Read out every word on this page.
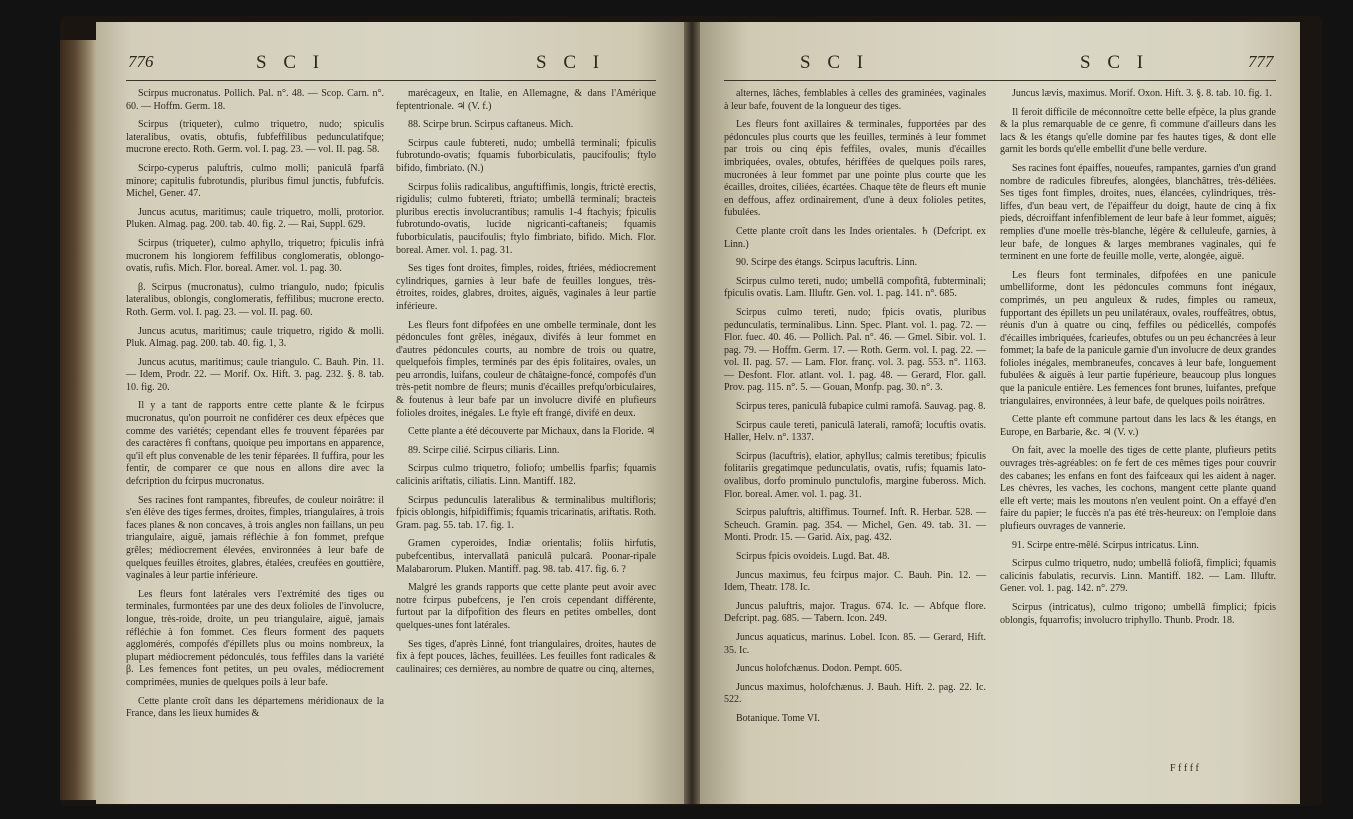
776	S C I	S C I

Scirpus mucronatus. Pollich. Pal. n°. 48. — Scop. Carn. n°. 60. — Hoffm. Germ. 18.

Scirpus (triqueter), culmo triquetro, nudo; spiculis lateralibus, ovatis, obtufis, fubfeffilibus pedunculatifque; mucrone erecto. Roth. Germ. vol. I. pag. 23. — vol. II. pag. 58.

Scirpo-cyperus paluftris, culmo molli; paniculâ fparfâ minore; capitulis fubrotundis, pluribus fimul junctis, fubfufcis. Michel, Gener. 47.

Juncus acutus, maritimus; caule triquetro, molli, protorior. Pluken. Almag. pag. 200. tab. 40. fig. 2. — Rai, Suppl. 629.

Scirpus (triqueter), culmo aphyllo, triquetro; fpiculis infrà mucronem his longiorem feffilibus conglomeratis, oblongo-ovatis, rufis. Mich. Flor. boreal. Amer. vol. 1. pag. 30.

β. Scirpus (mucronatus), culmo triangulo, nudo; fpiculis lateralibus, oblongis, conglomeratis, feffilibus; mucrone erecto. Roth. Germ. vol. I. pag. 23. — vol. II. pag. 60.

Juncus acutus, maritimus; caule triquetro, rigido & molli. Pluk. Almag. pag. 200. tab. 40. fig. 1, 3.

Juncus acutus, maritimus; caule triangulo. C. Bauh. Pin. 11. — Idem, Prodr. 22. — Morif. Ox. Hift. 3. pag. 232. §. 8. tab. 10. fig. 20.

Il y a tant de rapports entre cette plante & le fcirpus mucronatus, qu'on pourroit ne confidérer ces deux efpèces que comme des variétés; cependant elles fe trouvent féparées par des caractères fi conftans, quoique peu importans en apparence, qu'il eft plus convenable de les tenir féparées. Il fuffira, pour les fentir, de comparer ce que nous en allons dire avec la defcription du fcirpus mucronatus.

Ses racines font rampantes, fibreufes, de couleur noirâtre: il s'en élève des tiges fermes, droites, fimples, triangulaires, à trois faces planes & non concaves, à trois angles non faillans, un peu triangulaire, aiguë, jamais réfléchie à fon fommet, prefque grêles; médiocrement élevées, environnées à leur bafe de quelques feuilles étroites, glabres, étalées, creufées en gouttière, vaginales à leur partie inférieure.

Les fleurs font latérales vers l'extrémité des tiges ou terminales, furmontées par une des deux folioles de l'involucre, longue, très-roide, droite, un peu triangulaire, aiguë, jamais réfléchie à fon fommet. Ces fleurs forment des paquets agglomérés, compofés d'épillets plus ou moins nombreux, la plupart médiocrement pédonculés, tous feffiles dans la variété β. Les femences font petites, un peu ovales, médiocrement comprimées, munies de quelques poils à leur bafe.

Cette plante croît dans les départemens méridionaux de la France, dans les lieux humides &

marécageux, en Italie, en Allemagne, & dans l'Amérique feptentrionale. ♃ (V. f.)

88. Scirpe brun. Scirpus caftaneus. Mich.

Scirpus caule fubtereti, nudo; umbellâ terminali; fpiculis fubrotundo-ovatis; fquamis fuborbiculatis, paucifoulis; ftylo bifido, fimbriato. (N.)

Scirpus foliis radicalibus, anguftiffimis, longis, ftrictè erectis, rigidulis; culmo fubtereti, ftriato; umbellâ terminali; bracteis pluribus erectis involucrantibus; ramulis 1-4 ftachyis; fpiculis fubrotundo-ovatis, lucide nigricanti-caftaneis; fquamis fuborbiculatis, paucifoulis; ftylo fimbriato, bifido. Mich. Flor. boreal. Amer. vol. 1. pag. 31.

Ses tiges font droites, fimples, roides, ftriées, médiocrement cylindriques, garnies à leur bafe de feuilles longues, très-étroites, roides, glabres, droites, aiguës, vaginales à leur partie inférieure.

Les fleurs font difpofées en une ombelle terminale, dont les pédoncules font grêles, inégaux, divifés à leur fommet en d'autres pédoncules courts, au nombre de trois ou quatre, quelquefois fimples, terminés par des épis folitaires, ovales, un peu arrondis, luifans, couleur de châtaigne-foncé, compofés d'un très-petit nombre de fleurs; munis d'écailles prefqu'orbiculaires, & foutenus à leur bafe par un involucre divifé en plufieurs folioles droites, inégales. Le ftyle eft frangé, divifé en deux.

Cette plante a été découverte par Michaux, dans la Floride. ♃

89. Scirpe cilié. Scirpus ciliaris. Linn.

Scirpus culmo triquetro, foliofo; umbellis fparfis; fquamis calicinis ariftatis, ciliatis. Linn. Mantiff. 182.

Scirpus pedunculis lateralibus & terminalibus multifloris; fpicis oblongis, hifpidiffimis; fquamis tricarinatis, ariftatis. Roth. Gram. pag. 55. tab. 17. fig. 1.

Gramen cyperoides, Indiæ orientalis; foliis hirfutis, pubefcentibus, intervallatâ paniculâ pulcarâ. Poonar-ripale Malabarorum. Pluken. Mantiff. pag. 98. tab. 417. fig. 6. ?

Malgré les grands rapports que cette plante peut avoir avec notre fcirpus pubefcens, je l'en crois cependant différente, furtout par la difpofition des fleurs en petites ombelles, dont quelques-unes font latérales.

Ses tiges, d'après Linné, font triangulaires, droites, hautes de fix à fept pouces, lâches, feuillées. Les feuilles font radicales & caulinaires; ces dernières, au nombre de quatre ou cinq, alternes,

S C I	S C I	777

alternes, lâches, femblables à celles des graminées, vaginales à leur bafe, fouvent de la longueur des tiges.

Les fleurs font axillaires & terminales, fupportées par des pédoncules plus courts que les feuilles, terminés à leur fommet par trois ou cinq épis feffiles, ovales, munis d'écailles imbriquées, ovales, obtufes, hériffées de quelques poils rares, mucronées à leur fommet par une pointe plus courte que les écailles, droites, ciliées, écartées. Chaque tête de fleurs eft munie en deffous, affez ordinairement, d'une à deux folioles petites, fubulées.

Cette plante croît dans les Indes orientales. ♄ (Defcript. ex Linn.)

90. Scirpe des étangs. Scirpus lacuftris. Linn.

Scirpus culmo tereti, nudo; umbellâ compofitâ, fubterminali; fpiculis ovatis. Lam. Illuftr. Gen. vol. 1. pag. 141. n°. 685.

Scirpus culmo tereti, nudo; fpicis ovatis, pluribus pedunculatis, terminalibus. Linn. Spec. Plant. vol. 1. pag. 72. — Flor. fuec. 40. 46. — Pollich. Pal. n°. 46. — Gmel. Sibir. vol. 1. pag. 79. — Hoffm. Germ. 17. — Roth. Germ. vol. I. pag. 22. — vol. II. pag. 57. — Lam. Flor. franç. vol. 3. pag. 553. n°. 1163. — Desfont. Flor. atlant. vol. 1. pag. 48. — Gerard, Flor. gall. Prov. pag. 115. n°. 5. — Gouan, Monfp. pag. 30. n°. 3.

Scirpus teres, paniculâ fubapice culmi ramofâ. Sauvag. pag. 8.

Scirpus caule tereti, paniculâ laterali, ramofâ; locuftis ovatis. Haller, Helv. n°. 1337.

Scirpus (lacuftris), elatior, aphyllus; calmis teretibus; fpiculis folitariis gregatimque pedunculatis, ovatis, rufis; fquamis lato-ovalibus, dorfo prominulo punctulofis, margine fubeross. Mich. Flor. boreal. Amer. vol. 1. pag. 31.

Scirpus paluftris, altiffimus. Tournef. Inft. R. Herbar. 528. — Scheuch. Gramin. pag. 354. — Michel, Gen. 49. tab. 31. — Monti. Prodr. 15. — Garid. Aix, pag. 432.

Scirpus fpicis ovoideis. Lugd. Bat. 48.

Juncus maximus, feu fcirpus major. C. Bauh. Pin. 12. — Idem, Theatr. 178. Ic.

Juncus paluftris, major. Tragus. 674. Ic. — Abfque flore. Defcript. pag. 685. — Tabern. Icon. 249.

Juncus aquaticus, marinus. Lobel. Icon. 85. — Gerard, Hift. 35. Ic.

Juncus holofchænus. Dodon. Pempt. 605.

Juncus maximus, holofchænus. J. Bauh. Hift. 2. pag. 22. Ic. 522.

Botanique. Tome VI.

Juncus lævis, maximus. Morif. Oxon. Hift. 3. §. 8. tab. 10. fig. 1.

Il feroit difficile de méconnoître cette belle efpèce, la plus grande & la plus remarquable de ce genre, fi commune d'ailleurs dans les lacs & les étangs qu'elle domine par fes hautes tiges, & dont elle garnit les bords qu'elle embellit d'une belle verdure.

Ses racines font épaiffes, noueufes, rampantes, garnies d'un grand nombre de radicules fibreufes, alongées, blanchâtres, très-déliées. Ses tiges font fimples, droites, nues, élancées, cylindriques, très-liffes, d'un beau vert, de l'épaiffeur du doigt, haute de cinq à fix pieds, décroiffant infenfiblement de leur bafe à leur fommet, aiguës; remplies d'une moelle très-blanche, légère & celluleufe, garnies, à leur bafe, de longues & larges membranes vaginales, qui fe terminent en une forte de feuille molle, verte, alongée, aiguë.

Les fleurs font terminales, difpofées en une panicule umbelliforme, dont les pédoncules communs font inégaux, comprimés, un peu anguleux & rudes, fimples ou rameux, fupportant des épillets un peu unilatéraux, ovales, rouffeâtres, obtus, réunis d'un à quatre ou cinq, feffiles ou pédicellés, compofés d'écailles imbriquées, fcarieufes, obtufes ou un peu échancrées à leur fommet; la bafe de la panicule garnie d'un involucre de deux grandes folioles inégales, membraneufes, concaves à leur bafe, longuement fubulées & aiguës à leur partie fupérieure, beaucoup plus longues que la panicule entière. Les femences font brunes, luifantes, prefque triangulaires, environnées, à leur bafe, de quelques poils noirâtres.

Cette plante eft commune partout dans les lacs & les étangs, en Europe, en Barbarie, &c. ♃ (V. v.)

On fait, avec la moelle des tiges de cette plante, plufieurs petits ouvrages très-agréables: on fe fert de ces mêmes tiges pour couvrir des cabanes; les enfans en font des faifceaux qui les aident à nager. Les chèvres, les vaches, les cochons, mangent cette plante quand elle eft verte; mais les moutons n'en veulent point. On a effayé d'en faire du papier; le fuccès n'a pas été très-heureux: on l'emploie dans plufieurs ouvrages de vannerie.

91. Scirpe entre-mêlé. Scirpus intricatus. Linn.

Scirpus culmo triquetro, nudo; umbellâ foliofâ, fimplici; fquamis calicinis fabulatis, recurvis. Linn. Mantiff. 182. — Lam. Illuftr. Gener. vol. 1. pag. 142. n°. 279.

Scirpus (intricatus), culmo trigono; umbellâ fimplici; fpicis oblongis, fquarrofis; involucro triphyllo. Thunb. Prodr. 18.

F f f f f
